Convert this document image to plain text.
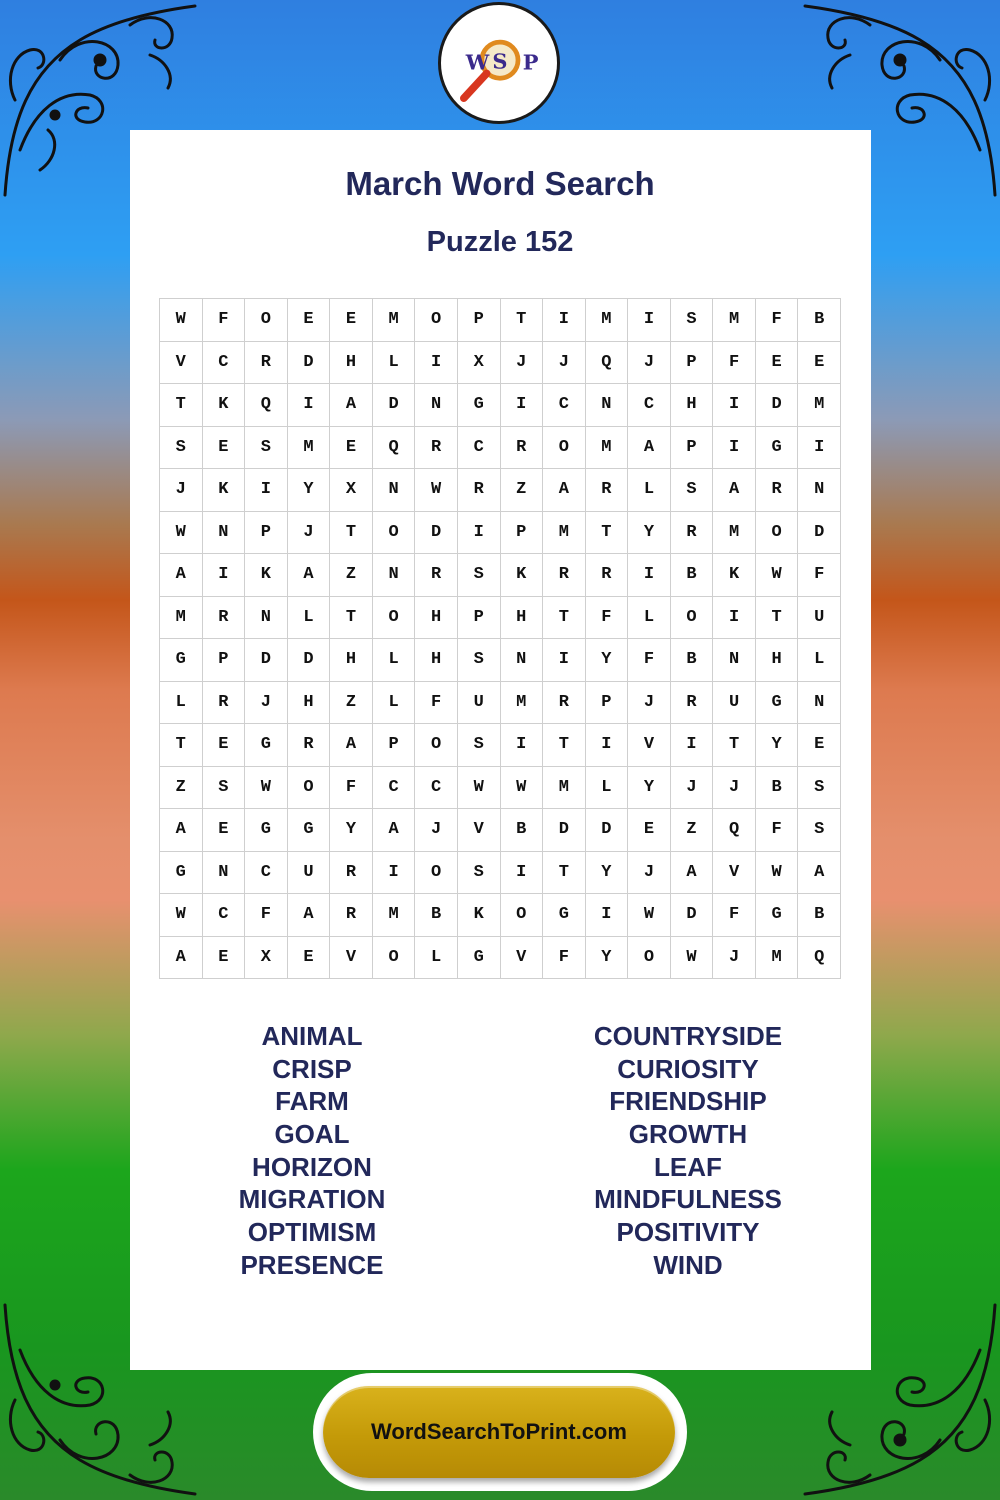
W S P
March Word Search
Puzzle 152
W	F	O	E	E	M	O	P	T	I	M	I	S	M	F	B
V	C	R	D	H	L	I	X	J	J	Q	J	P	F	E	E
T	K	Q	I	A	D	N	G	I	C	N	C	H	I	D	M
S	E	S	M	E	Q	R	C	R	O	M	A	P	I	G	I
J	K	I	Y	X	N	W	R	Z	A	R	L	S	A	R	N
W	N	P	J	T	O	D	I	P	M	T	Y	R	M	O	D
A	I	K	A	Z	N	R	S	K	R	R	I	B	K	W	F
M	R	N	L	T	O	H	P	H	T	F	L	O	I	T	U
G	P	D	D	H	L	H	S	N	I	Y	F	B	N	H	L
L	R	J	H	Z	L	F	U	M	R	P	J	R	U	G	N
T	E	G	R	A	P	O	S	I	T	I	V	I	T	Y	E
Z	S	W	O	F	C	C	W	W	M	L	Y	J	J	B	S
A	E	G	G	Y	A	J	V	B	D	D	E	Z	Q	F	S
G	N	C	U	R	I	O	S	I	T	Y	J	A	V	W	A
W	C	F	A	R	M	B	K	O	G	I	W	D	F	G	B
A	E	X	E	V	O	L	G	V	F	Y	O	W	J	M	Q
ANIMAL
CRISP
FARM
GOAL
HORIZON
MIGRATION
OPTIMISM
PRESENCE
COUNTRYSIDE
CURIOSITY
FRIENDSHIP
GROWTH
LEAF
MINDFULNESS
POSITIVITY
WIND
WordSearchToPrint.com
